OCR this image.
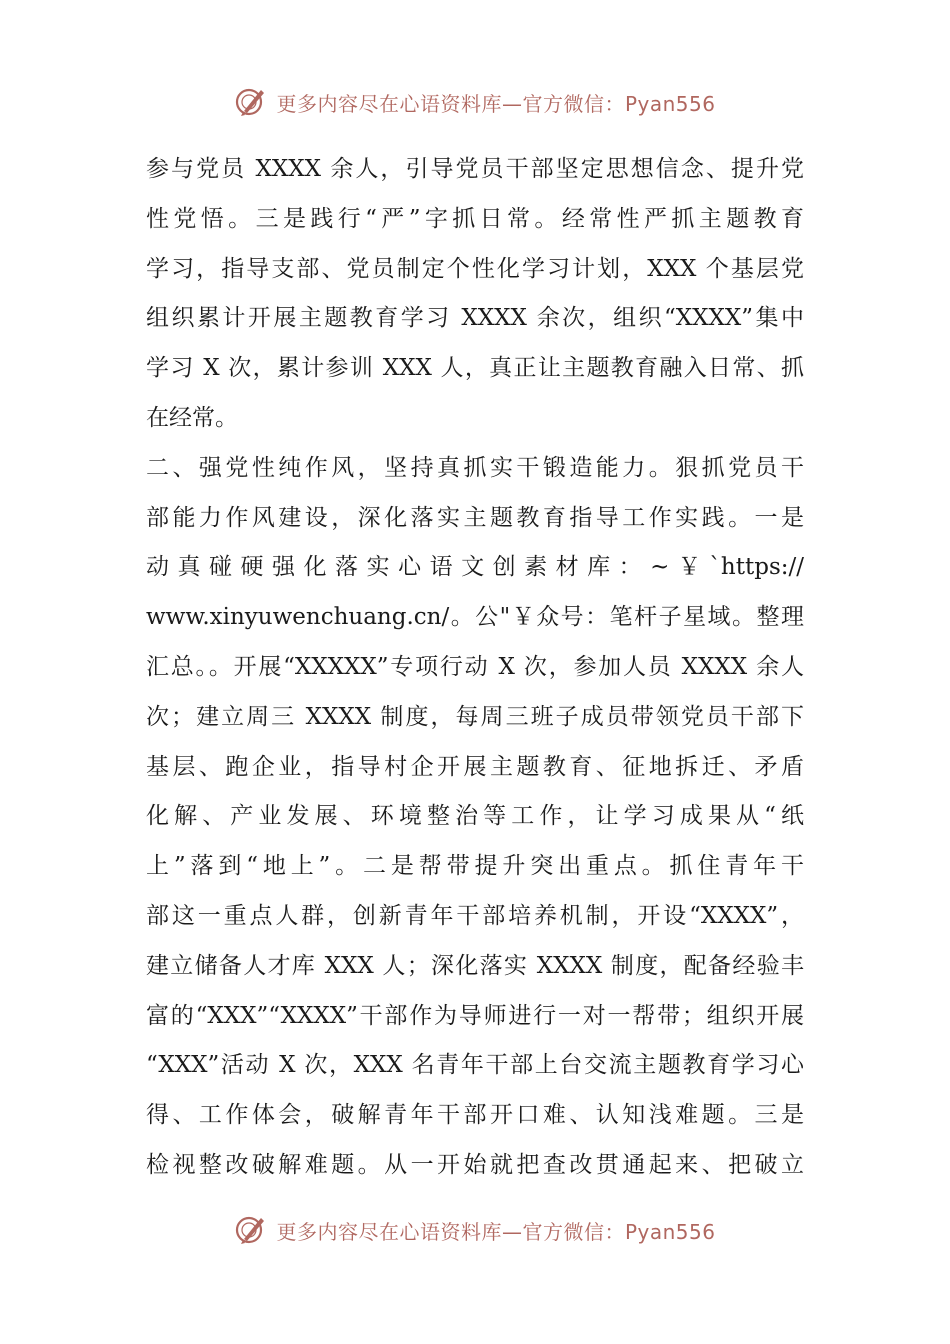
更多内容尽在心语资料库—官方微信：Pyan556
参与党员 XXXX 余人，引导党员干部坚定思想信念、提升党
性党悟。三是践行“严”字抓日常。经常性严抓主题教育
学习，指导支部、党员制定个性化学习计划，XXX 个基层党
组织累计开展主题教育学习 XXXX 余次，组织“XXXX”集中
学习 X 次，累计参训 XXX 人，真正让主题教育融入日常、抓
在经常。
二、强党性纯作风，坚持真抓实干锻造能力。狠抓党员干
部能力作风建设，深化落实主题教育指导工作实践。一是
动真碰硬强化落实心语文创素材库：~￥`https://
www.xinyuwenchuang.cn/。公"￥众号：笔杆子星域。整理
汇总。。开展“XXXXX”专项行动 X 次，参加人员 XXXX 余人
次；建立周三 XXXX 制度，每周三班子成员带领党员干部下
基层、跑企业，指导村企开展主题教育、征地拆迁、矛盾
化解、产业发展、环境整治等工作，让学习成果从“纸
上”落到“地上”。二是帮带提升突出重点。抓住青年干
部这一重点人群，创新青年干部培养机制，开设“XXXX”，
建立储备人才库 XXX 人；深化落实 XXXX 制度，配备经验丰
富的“XXX”“XXXX”干部作为导师进行一对一帮带；组织开展
“XXX”活动 X 次，XXX 名青年干部上台交流主题教育学习心
得、工作体会，破解青年干部开口难、认知浅难题。三是
检视整改破解难题。从一开始就把查改贯通起来、把破立
更多内容尽在心语资料库—官方微信：Pyan556
